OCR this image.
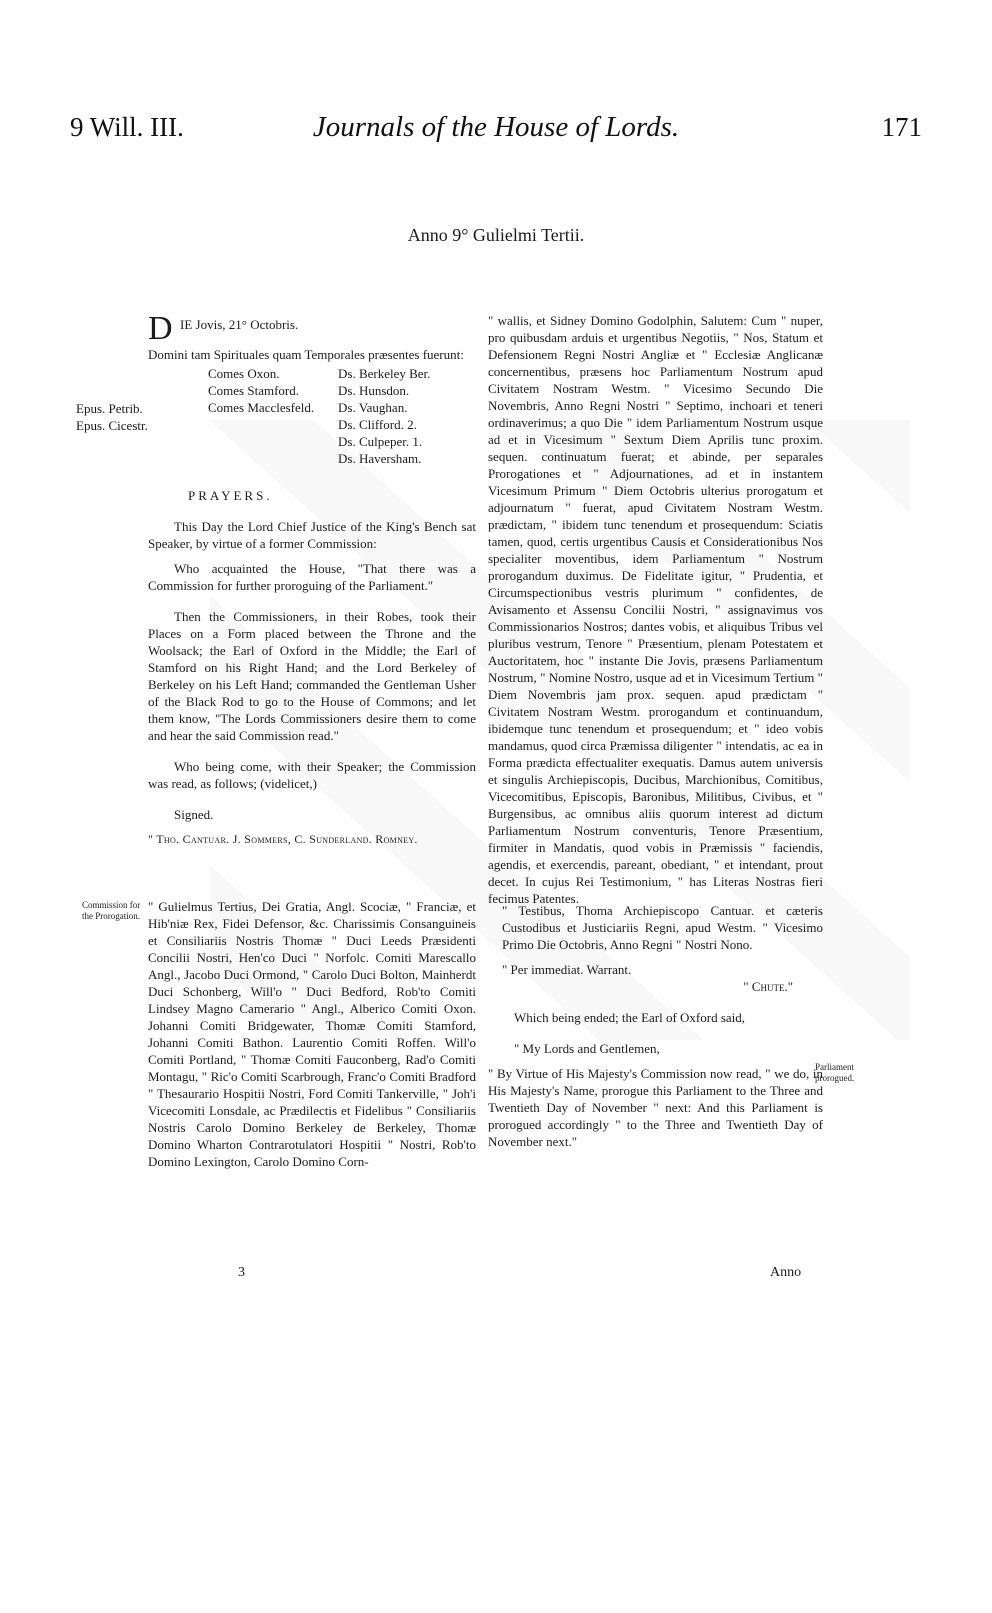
9 Will. III.	Journals of the House of Lords.	171
Anno 9° Gulielmi Tertii.
Epus. Petrib.
Epus. Cicestr.
D IE Jovis, 21° Octobris.

Domini tam Spirituales quam Temporales præsentes fuerunt:

Comes Oxon.
Comes Stamford.
Comes Macclesfeld.
Ds. Berkeley Ber.
Ds. Hunsdon.
Ds. Vaughan.
Ds. Clifford. 2.
Ds. Culpeper. 1.
Ds. Haversham.

PRAYERS.

This Day the Lord Chief Justice of the King's Bench sat Speaker, by virtue of a former Commission:

Who acquainted the House, "That there was a Commission for further proroguing of the Parliament."

Then the Commissioners, in their Robes, took their Places on a Form placed between the Throne and the Woolsack; the Earl of Oxford in the Middle; the Earl of Stamford on his Right Hand; and the Lord Berkeley of Berkeley on his Left Hand; commanded the Gentleman Usher of the Black Rod to go to the House of Commons; and let them know, "The Lords Commissioners desire them to come and hear the said Commission read."

Who being come, with their Speaker; the Commission was read, as follows; (videlicet,)

Signed.

" Tho. Cantuar. J. Sommers, C. Sunderland. Romney.

Commission for the Prorogation.

" Gulielmus Tertius, Dei Gratia, Angl. Scociæ, " Franciæ, et Hib'niæ Rex, Fidei Defensor, &c. Charissimis Consanguineis et Consiliariis Nostris Thomæ " Duci Leeds Præsidenti Concilii Nostri, Hen'co Duci " Norfolc. Comiti Marescallo Angl., Jacobo Duci Ormond, " Carolo Duci Bolton, Mainherdt Duci Schonberg, Will'o " Duci Bedford, Rob'to Comiti Lindsey Magno Camerario " Angl., Alberico Comiti Oxon. Johanni Comiti Bridgewater, Thomæ Comiti Stamford, Johanni Comiti Bathon. Laurentio Comiti Roffen. Will'o Comiti Portland, " Thomæ Comiti Fauconberg, Rad'o Comiti Montagu, " Ric'o Comiti Scarbrough, Franc'o Comiti Bradford " Thesaurario Hospitii Nostri, Ford Comiti Tankerville, " Joh'i Vicecomiti Lonsdale, ac Prædilectis et Fidelibus " Consiliariis Nostris Carolo Domino Berkeley de Berkeley, Thomæ Domino Wharton Contrarotulatori Hospitii " Nostri, Rob'to Domino Lexington, Carolo Domino Corn-

" wallis, et Sidney Domino Godolphin, Salutem: Cum " nuper, pro quibusdam arduis et urgentibus Negotiis, " Nos, Statum et Defensionem Regni Nostri Angliæ et " Ecclesiæ Anglicanæ concernentibus, præsens hoc Parliamentum Nostrum apud Civitatem Nostram Westm. " Vicesimo Secundo Die Novembris, Anno Regni Nostri " Septimo, inchoari et teneri ordinaverimus; a quo Die " idem Parliamentum Nostrum usque ad et in Vicesimum " Sextum Diem Aprilis tunc proxim. sequen. continuatum fuerat; et abinde, per separales Prorogationes et " Adjournationes, ad et in instantem Vicesimum Primum " Diem Octobris ulterius prorogatum et adjournatum " fuerat, apud Civitatem Nostram Westm. prædictam, " ibidem tunc tenendum et prosequendum: Sciatis tamen, quod, certis urgentibus Causis et Considerationibus Nos specialiter moventibus, idem Parliamentum " Nostrum prorogandum duximus. De Fidelitate igitur, " Prudentia, et Circumspectionibus vestris plurimum " confidentes, de Avisamento et Assensu Concilii Nostri, " assignavimus vos Commissionarios Nostros; dantes vobis, et aliquibus Tribus vel pluribus vestrum, Tenore " Præsentium, plenam Potestatem et Auctoritatem, hoc " instante Die Jovis, præsens Parliamentum Nostrum, " Nomine Nostro, usque ad et in Vicesimum Tertium " Diem Novembris jam prox. sequen. apud prædictam " Civitatem Nostram Westm. prorogandum et continuandum, ibidemque tunc tenendum et prosequendum; et " ideo vobis mandamus, quod circa Præmissa diligenter " intendatis, ac ea in Forma prædicta effectualiter exequatis. Damus autem universis et singulis Archiepiscopis, Ducibus, Marchionibus, Comitibus, Vicecomitibus, Episcopis, Baronibus, Militibus, Civibus, et " Burgensibus, ac omnibus aliis quorum interest ad dictum Parliamentum Nostrum conventuris, Tenore Præsentium, firmiter in Mandatis, quod vobis in Præmissis " faciendis, agendis, et exercendis, pareant, obediant, " et intendant, prout decet. In cujus Rei Testimonium, " has Literas Nostras fieri fecimus Patentes.

" Testibus, Thoma Archiepiscopo Cantuar. et cæteris Custodibus et Justiciariis Regni, apud Westm. " Vicesimo Primo Die Octobris, Anno Regni " Nostri Nono.

" Per immediat. Warrant.

" Chute."

Which being ended; the Earl of Oxford said,

" My Lords and Gentlemen,

" By Virtue of His Majesty's Commission now read, " we do, in His Majesty's Name, prorogue this Parliament to the Three and Twentieth Day of November " next: And this Parliament is prorogued accordingly " to the Three and Twentieth Day of November next."

Parliament prorogued.
3	Anno
